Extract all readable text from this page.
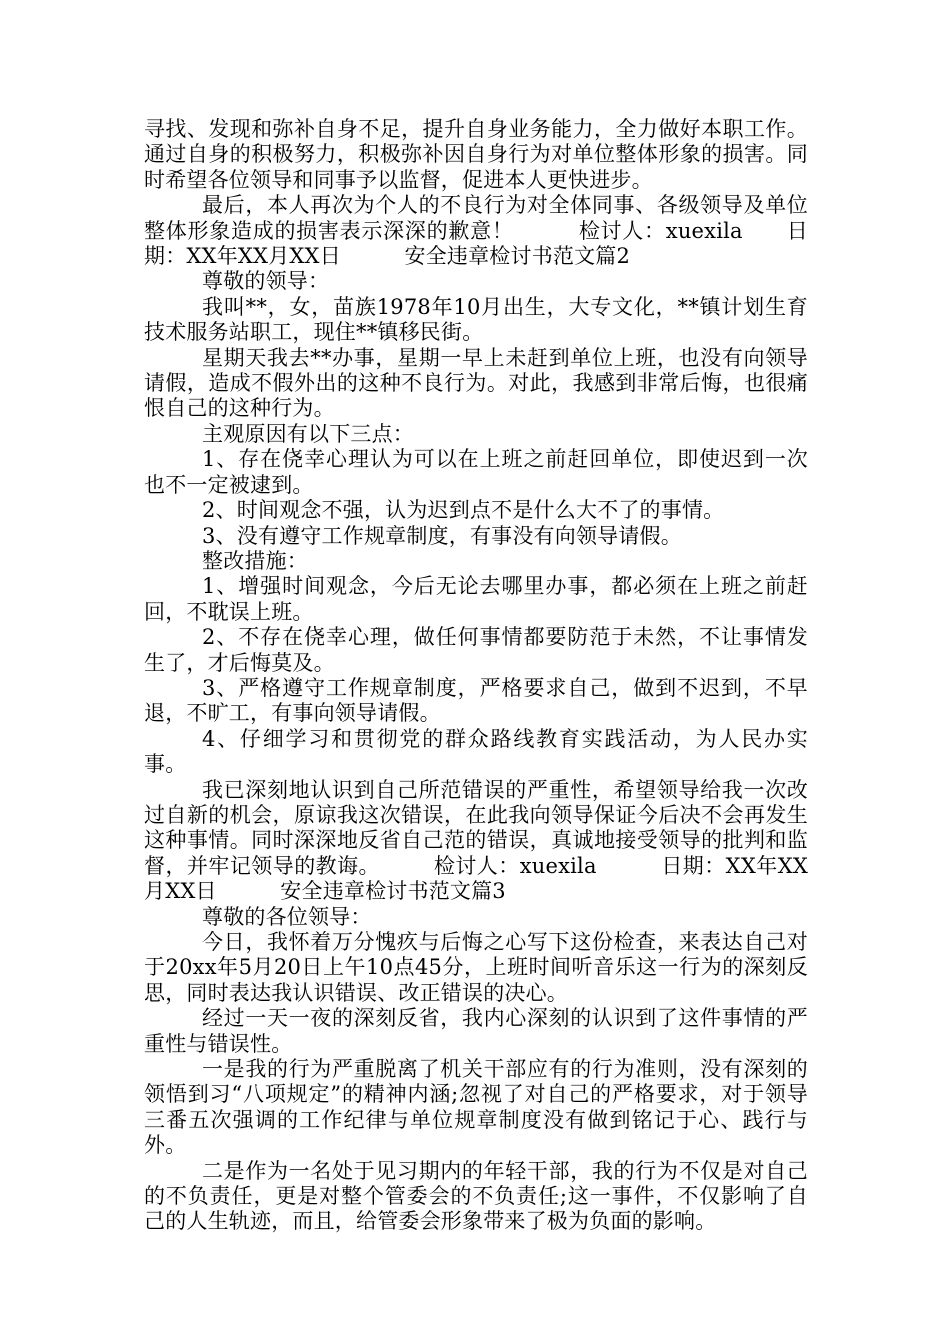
寻找、发现和弥补自身不足，提升自身业务能力，全力做好本职工作。通过自身的积极努力，积极弥补因自身行为对单位整体形象的损害。同时希望各位领导和同事予以监督，促进本人更快进步。

最后，本人再次为个人的不良行为对全体同事、各级领导及单位整体形象造成的损害表示深深的歉意！　　　检讨人：xuexila　　日期：XX年XX月XX日　　　安全违章检讨书范文篇2

尊敬的领导：

我叫**，女，苗族1978年10月出生，大专文化，**镇计划生育技术服务站职工，现住**镇移民街。

星期天我去**办事，星期一早上未赶到单位上班，也没有向领导请假，造成不假外出的这种不良行为。对此，我感到非常后悔，也很痛恨自己的这种行为。

主观原因有以下三点：

1、存在侥幸心理认为可以在上班之前赶回单位，即使迟到一次也不一定被逮到。

2、时间观念不强，认为迟到点不是什么大不了的事情。

3、没有遵守工作规章制度，有事没有向领导请假。

整改措施：

1、增强时间观念，今后无论去哪里办事，都必须在上班之前赶回，不耽误上班。

2、不存在侥幸心理，做任何事情都要防范于未然，不让事情发生了，才后悔莫及。

3、严格遵守工作规章制度，严格要求自己，做到不迟到，不早退，不旷工，有事向领导请假。

4、仔细学习和贯彻党的群众路线教育实践活动，为人民办实事。

我已深刻地认识到自己所范错误的严重性，希望领导给我一次改过自新的机会，原谅我这次错误，在此我向领导保证今后决不会再发生这种事情。同时深深地反省自己范的错误，真诚地接受领导的批判和监督，并牢记领导的教诲。　　　检讨人：xuexila　　　日期：XX年XX月XX日　　　安全违章检讨书范文篇3

尊敬的各位领导：

今日，我怀着万分愧疚与后悔之心写下这份检查，来表达自己对于20xx年5月20日上午10点45分，上班时间听音乐这一行为的深刻反思，同时表达我认识错误、改正错误的决心。

经过一天一夜的深刻反省，我内心深刻的认识到了这件事情的严重性与错误性。

一是我的行为严重脱离了机关干部应有的行为准则，没有深刻的领悟到习“八项规定”的精神内涵;忽视了对自己的严格要求，对于领导三番五次强调的工作纪律与单位规章制度没有做到铭记于心、践行与外。

二是作为一名处于见习期内的年轻干部，我的行为不仅是对自己的不负责任，更是对整个管委会的不负责任;这一事件，不仅影响了自己的人生轨迹，而且，给管委会形象带来了极为负面的影响。
